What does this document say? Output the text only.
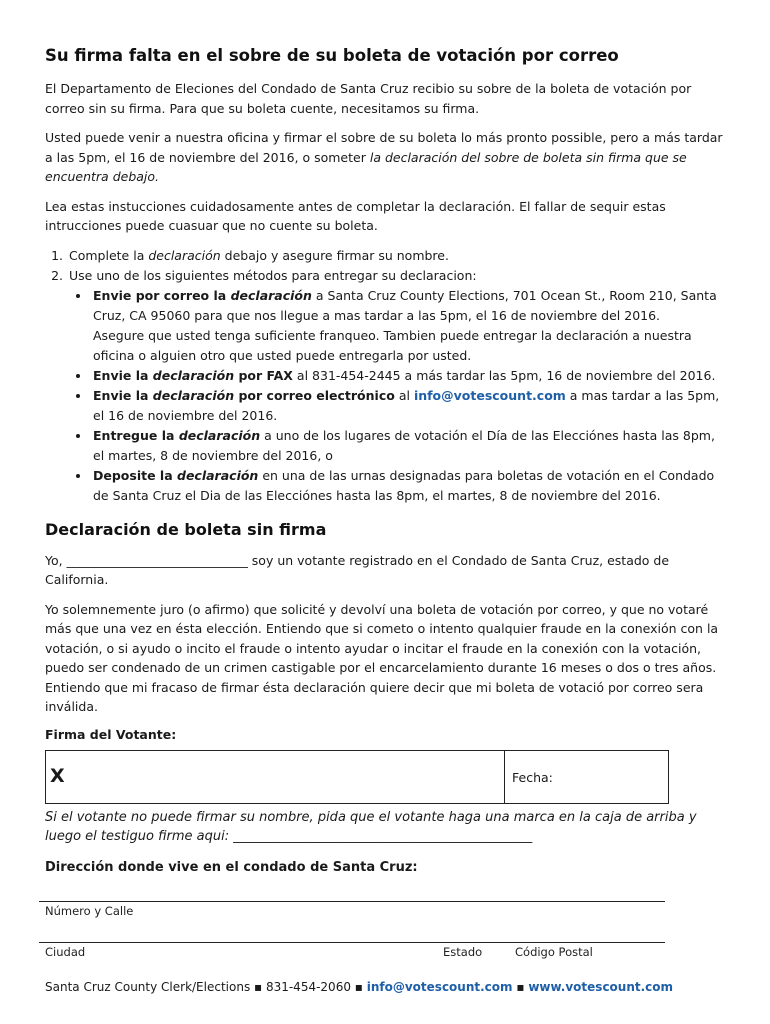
Su firma falta en el sobre de su boleta de votación por correo

El Departamento de Eleciones del Condado de Santa Cruz recibio su sobre de la boleta de votación por correo sin su firma. Para que su boleta cuente, necesitamos su firma.

Usted puede venir a nuestra oficina y firmar el sobre de su boleta lo más pronto possible, pero a más tardar a las 5pm, el 16 de noviembre del 2016, o someter la declaración del sobre de boleta sin firma que se encuentra debajo.

Lea estas instucciones cuidadosamente antes de completar la declaración. El fallar de sequir estas intrucciones puede cuasuar que no cuente su boleta.

1. Complete la declaración debajo y asegure firmar su nombre.
2. Use uno de los siguientes métodos para entregar su declaracion:
• Envie por correo la declaración a Santa Cruz County Elections, 701 Ocean St., Room 210, Santa Cruz, CA 95060 para que nos llegue a mas tardar a las 5pm, el 16 de noviembre del 2016.
Asegure que usted tenga suficiente franqueo. Tambien puede entregar la declaración a nuestra oficina o alguien otro que usted puede entregarla por usted.
• Envie la declaración por FAX al 831-454-2445 a más tardar las 5pm, 16 de noviembre del 2016.
• Envie la declaración por correo electrónico al info@votescount.com a mas tardar a las 5pm, el 16 de noviembre del 2016.
• Entregue la declaración a uno de los lugares de votación el Día de las Elecciónes hasta las 8pm, el martes, 8 de noviembre del 2016, o
• Deposite la declaración en una de las urnas designadas para boletas de votación en el Condado de Santa Cruz el Dia de las Elecciónes hasta las 8pm, el martes, 8 de noviembre del 2016.
Declaración de boleta sin firma

Yo, _____________________________ soy un votante registrado en el Condado de Santa Cruz, estado de California.

Yo solemnemente juro (o afirmo) que solicité y devolví una boleta de votación por correo, y que no votaré más que una vez en ésta elección. Entiendo que si cometo o intento qualquier fraude en la conexión con la votación, o si ayudo o incito el fraude o intento ayudar o incitar el fraude en la conexión con la votación, puedo ser condenado de un crimen castigable por el encarcelamiento durante 16 meses o dos o tres años. Entiendo que mi fracaso de firmar ésta declaración quiere decir que mi boleta de votació por correo sera inválida.

Firma del Votante:
X	Fecha:

Si el votante no puede firmar su nombre, pida que el votante haga una marca en la caja de arriba y luego el testiguo firme aqui: ______________________________________________

Dirección donde vive en el condado de Santa Cruz:
Número y Calle
Ciudad	Estado	Código Postal
Santa Cruz County Clerk/Elections ▪ 831-454-2060 ▪ info@votescount.com ▪ www.votescount.com
